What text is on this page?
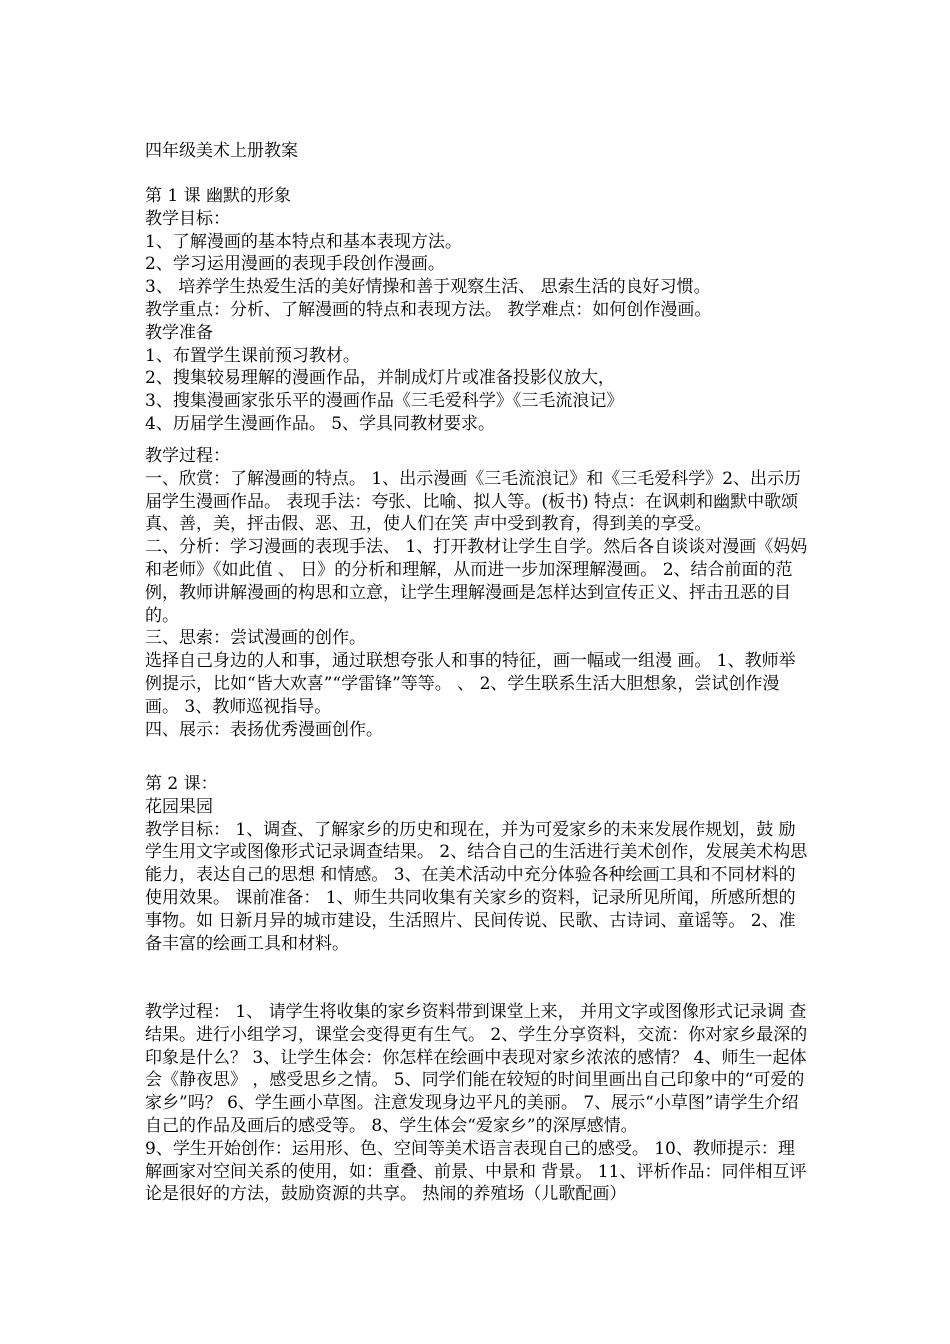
四年级美术上册教案
第 1 课 幽默的形象
教学目标：
1、了解漫画的基本特点和基本表现方法。
2、学习运用漫画的表现手段创作漫画。
3、 培养学生热爱生活的美好情操和善于观察生活、 思索生活的良好习惯。
教学重点：分析、了解漫画的特点和表现方法。 教学难点：如何创作漫画。
教学准备
1、布置学生课前预习教材。
2、搜集较易理解的漫画作品，并制成灯片或准备投影仪放大，
3、搜集漫画家张乐平的漫画作品《三毛爱科学》《三毛流浪记》
4、历届学生漫画作品。 5、学具同教材要求。
教学过程：
一、欣赏：了解漫画的特点。 1、出示漫画《三毛流浪记》和《三毛爱科学》2、出示历届学生漫画作品。 表现手法：夸张、比喻、拟人等。(板书) 特点：在讽刺和幽默中歌颂真、善，美，抨击假、恶、丑，使人们在笑 声中受到教育，得到美的享受。
二、分析：学习漫画的表现手法、 1、打开教材让学生自学。然后各自谈谈对漫画《妈妈和老师》《如此值 、 日》的分析和理解，从而进一步加深理解漫画。 2、结合前面的范例，教师讲解漫画的构思和立意，让学生理解漫画是怎样达到宣传正义、抨击丑恶的目的。
三、思索：尝试漫画的创作。
选择自己身边的人和事，通过联想夸张人和事的特征，画一幅或一组漫 画。 1、教师举例提示，比如“皆大欢喜”“学雷锋”等等。 、 2、学生联系生活大胆想象，尝试创作漫画。 3、教师巡视指导。
四、展示：表扬优秀漫画创作。
第 2 课：
花园果园
教学目标： 1、调查、了解家乡的历史和现在，并为可爱家乡的未来发展作规划，鼓 励学生用文字或图像形式记录调查结果。 2、结合自己的生活进行美术创作，发展美术构思能力，表达自己的思想 和情感。 3、在美术活动中充分体验各种绘画工具和不同材料的使用效果。 课前准备： 1、师生共同收集有关家乡的资料，记录所见所闻，所感所想的事物。如 日新月异的城市建设，生活照片、民间传说、民歌、古诗词、童谣等。 2、准备丰富的绘画工具和材料。
教学过程： 1、 请学生将收集的家乡资料带到课堂上来， 并用文字或图像形式记录调 查结果。进行小组学习，课堂会变得更有生气。 2、学生分享资料，交流：你对家乡最深的印象是什么？ 3、让学生体会：你怎样在绘画中表现对家乡浓浓的感情？ 4、师生一起体会《静夜思》 ，感受思乡之情。 5、同学们能在较短的时间里画出自己印象中的“可爱的家乡”吗？ 6、学生画小草图。注意发现身边平凡的美丽。 7、展示“小草图”请学生介绍自己的作品及画后的感受等。 8、学生体会“爱家乡”的深厚感情。
9、学生开始创作：运用形、色、空间等美术语言表现自己的感受。 10、教师提示：理解画家对空间关系的使用，如：重叠、前景、中景和 背景。 11、评析作品：同伴相互评论是很好的方法，鼓励资源的共享。 热闹的养殖场（儿歌配画）
